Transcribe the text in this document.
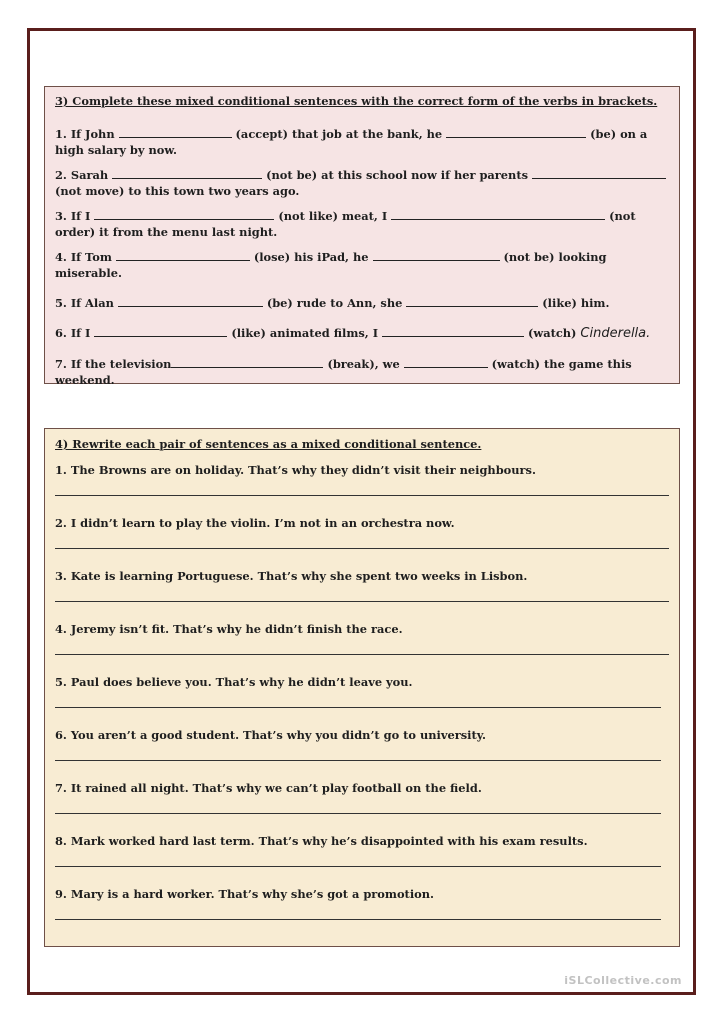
3) Complete these mixed conditional sentences with the correct form of the verbs in brackets.

1. If John	(accept) that job at the bank, he	(be) on a high salary by now.
2. Sarah	(not be) at this school now if her parents  (not move) to this town two years ago.
3. If I	(not like) meat, I	(not order) it from the menu last night.
4. If Tom	(lose) his iPad, he	(not be) looking miserable.
5. If Alan	(be) rude to Ann, she	(like) him.
6. If I	(like) animated films, I	(watch) Cinderella.
7. If the television	(break), we	(watch) the game this weekend.

4) Rewrite each pair of sentences as a mixed conditional sentence.

1. The Browns are on holiday. That’s why they didn’t visit their neighbours.
2. I didn’t learn to play the violin. I’m not in an orchestra now.
3. Kate is learning Portuguese. That’s why she spent two weeks in Lisbon.
4. Jeremy isn’t fit. That’s why he didn’t finish the race.
5. Paul does believe you. That’s why he didn’t leave you.
6. You aren’t a good student. That’s why you didn’t go to university.
7. It rained all night. That’s why we can’t play football on the field.
8. Mark worked hard last term. That’s why he’s disappointed with his exam results.
9. Mary is a hard worker. That’s why she’s got a promotion.
iSLCollective.com
